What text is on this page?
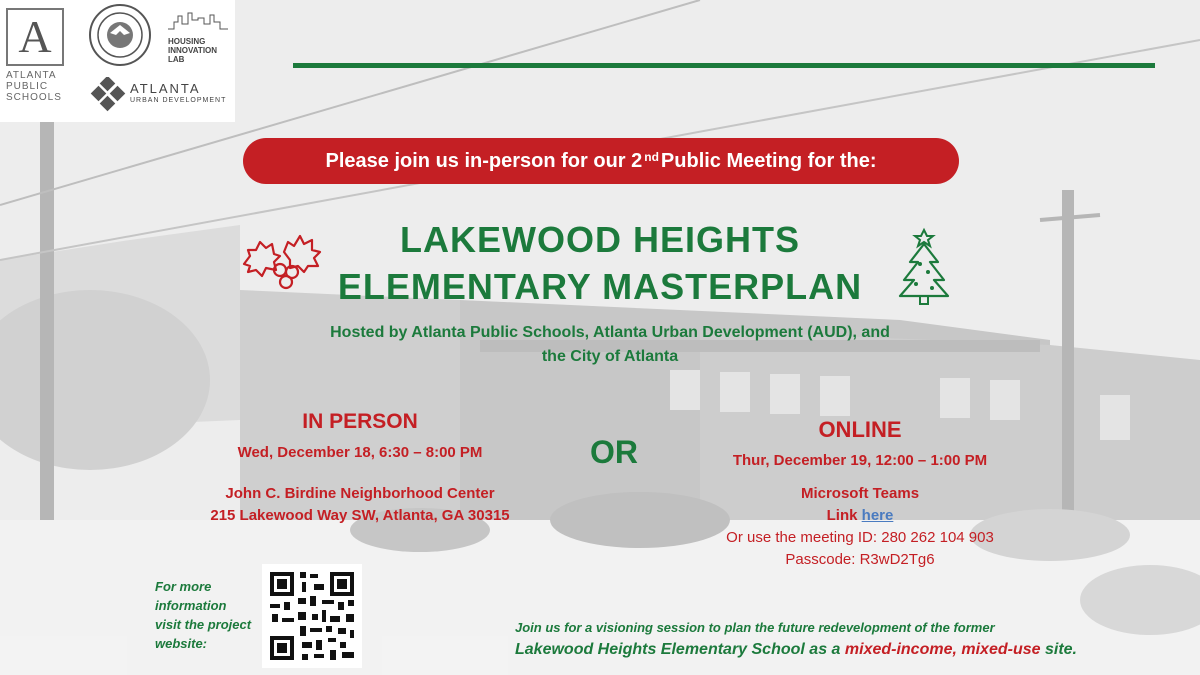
A
ATLANTA PUBLIC SCHOOLS
HOUSING INNOVATION LAB
ATLANTA
URBAN DEVELOPMENT
Please join us in-person for our 2nd Public Meeting for the:
LAKEWOOD HEIGHTS
ELEMENTARY MASTERPLAN
Hosted by Atlanta Public Schools, Atlanta Urban Development (AUD), and
the City of Atlanta
IN PERSON
Wed, December 18, 6:30 – 8:00 PM
John C. Birdine Neighborhood Center
215 Lakewood Way SW, Atlanta, GA 30315
OR
ONLINE
Thur, December 19, 12:00 – 1:00 PM
Microsoft Teams
Link here
Or use the meeting ID: 280 262 104 903
Passcode: R3wD2Tg6
For more
information
visit the project
website:
Join us for a visioning session to plan the future redevelopment of the former
Lakewood Heights Elementary School as a mixed-income, mixed-use site.
